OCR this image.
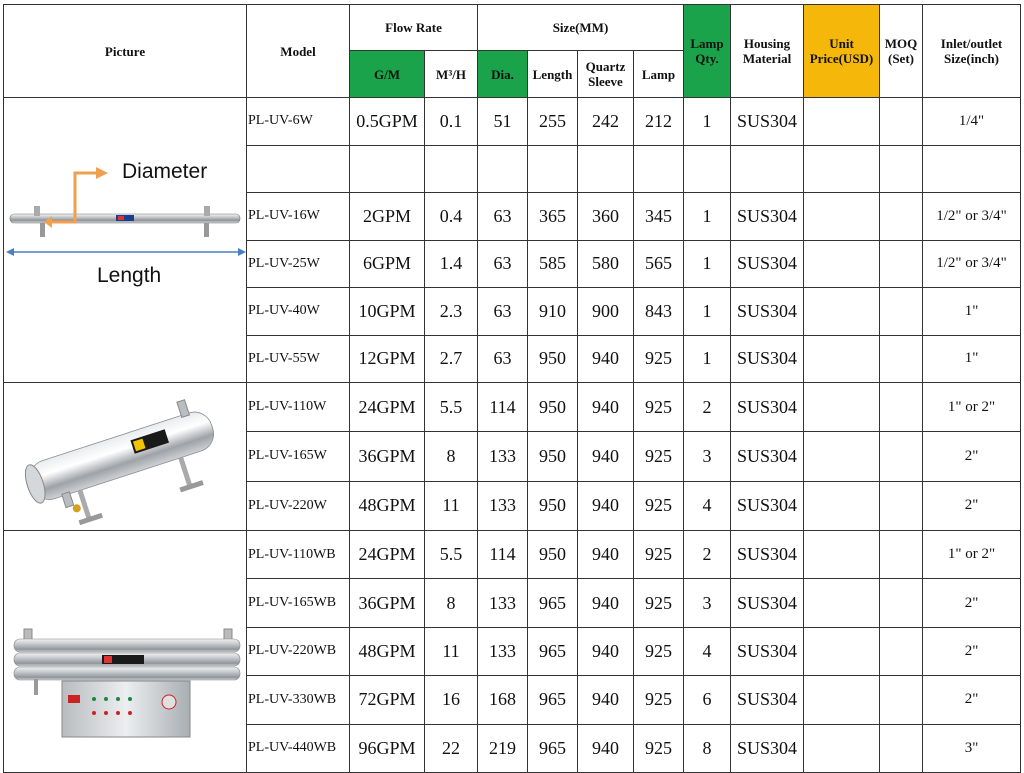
Picture	Model	Flow Rate		Size(MM)				Lamp Qty.	Housing Material	Unit Price(USD)	MOQ (Set)	Inlet/outlet Size(inch)
		G/M	M³/H	Dia.	Length	Quartz Sleeve	Lamp					

Diameter
Length	PL-UV-6W	0.5GPM	0.1	51	255	242	212	1	SUS304			1/4"

	PL-UV-16W	2GPM	0.4	63	365	360	345	1	SUS304			1/2" or 3/4"
	PL-UV-25W	6GPM	1.4	63	585	580	565	1	SUS304			1/2" or 3/4"
	PL-UV-40W	10GPM	2.3	63	910	900	843	1	SUS304			1"
	PL-UV-55W	12GPM	2.7	63	950	940	925	1	SUS304			1"

	PL-UV-110W	24GPM	5.5	114	950	940	925	2	SUS304			1" or 2"
	PL-UV-165W	36GPM	8	133	950	940	925	3	SUS304			2"
	PL-UV-220W	48GPM	11	133	950	940	925	4	SUS304			2"

	PL-UV-110WB	24GPM	5.5	114	950	940	925	2	SUS304			1" or 2"
	PL-UV-165WB	36GPM	8	133	965	940	925	3	SUS304			2"
	PL-UV-220WB	48GPM	11	133	965	940	925	4	SUS304			2"
	PL-UV-330WB	72GPM	16	168	965	940	925	6	SUS304			2"
	PL-UV-440WB	96GPM	22	219	965	940	925	8	SUS304			3"
